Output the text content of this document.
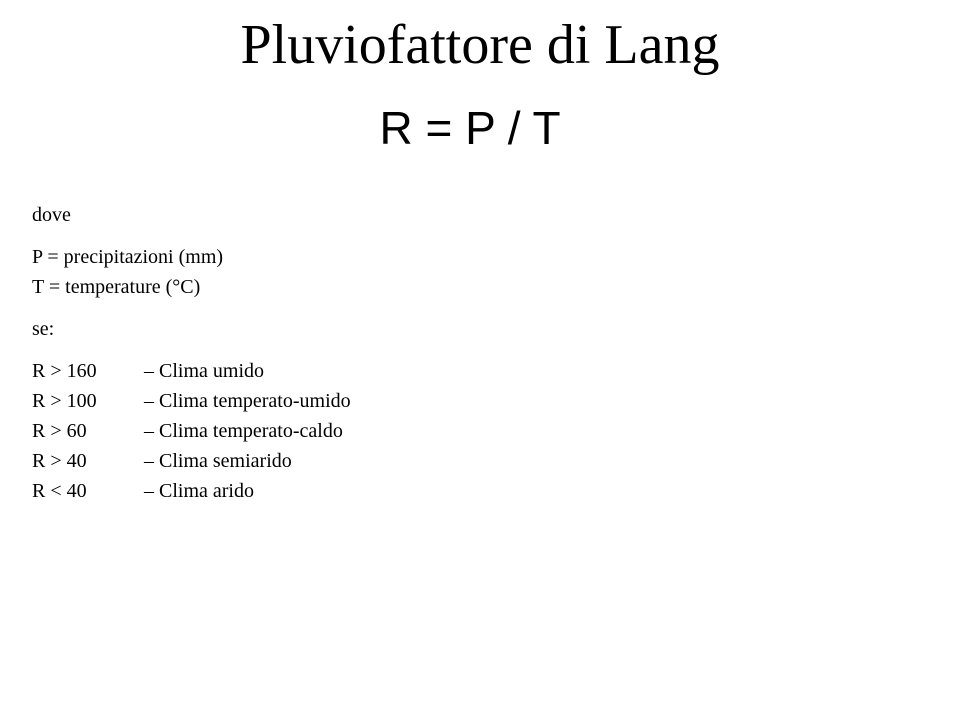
Pluviofattore di Lang
R = P / T

dove

P = precipitazioni (mm)
T = temperature (°C)

se:

R > 160	– Clima umido
R > 100	– Clima temperato-umido
R > 60	– Clima temperato-caldo
R > 40	– Clima semiarido
R < 40	– Clima arido
